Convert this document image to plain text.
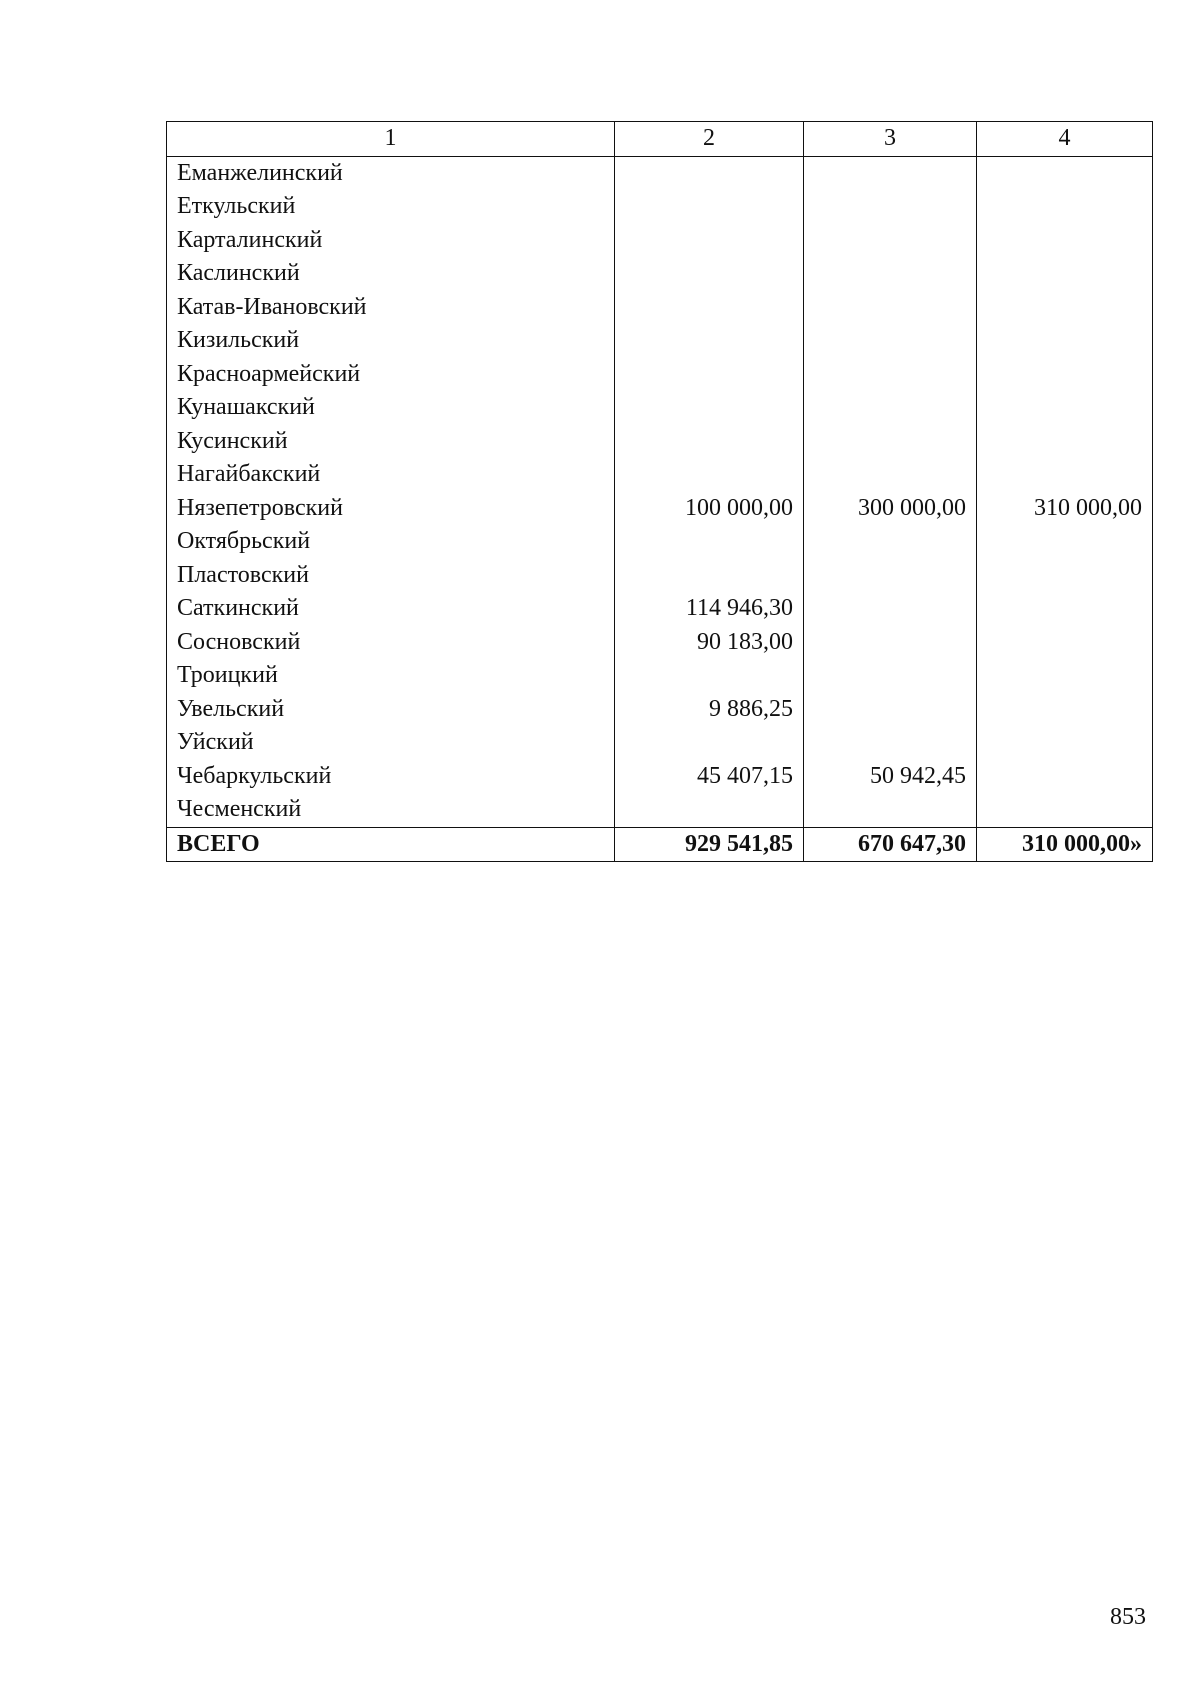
1	2	3	4
Еманжелинский			
Еткульский			
Карталинский			
Каслинский			
Катав-Ивановский			
Кизильский			
Красноармейский			
Кунашакский			
Кусинский			
Нагайбакский			
Нязепетровский	100 000,00	300 000,00	310 000,00
Октябрьский			
Пластовский			
Саткинский	114 946,30		
Сосновский	90 183,00		
Троицкий			
Увельский	9 886,25		
Уйский			
Чебаркульский	45 407,15	50 942,45	
Чесменский			
ВСЕГО	929 541,85	670 647,30	310 000,00»
853
